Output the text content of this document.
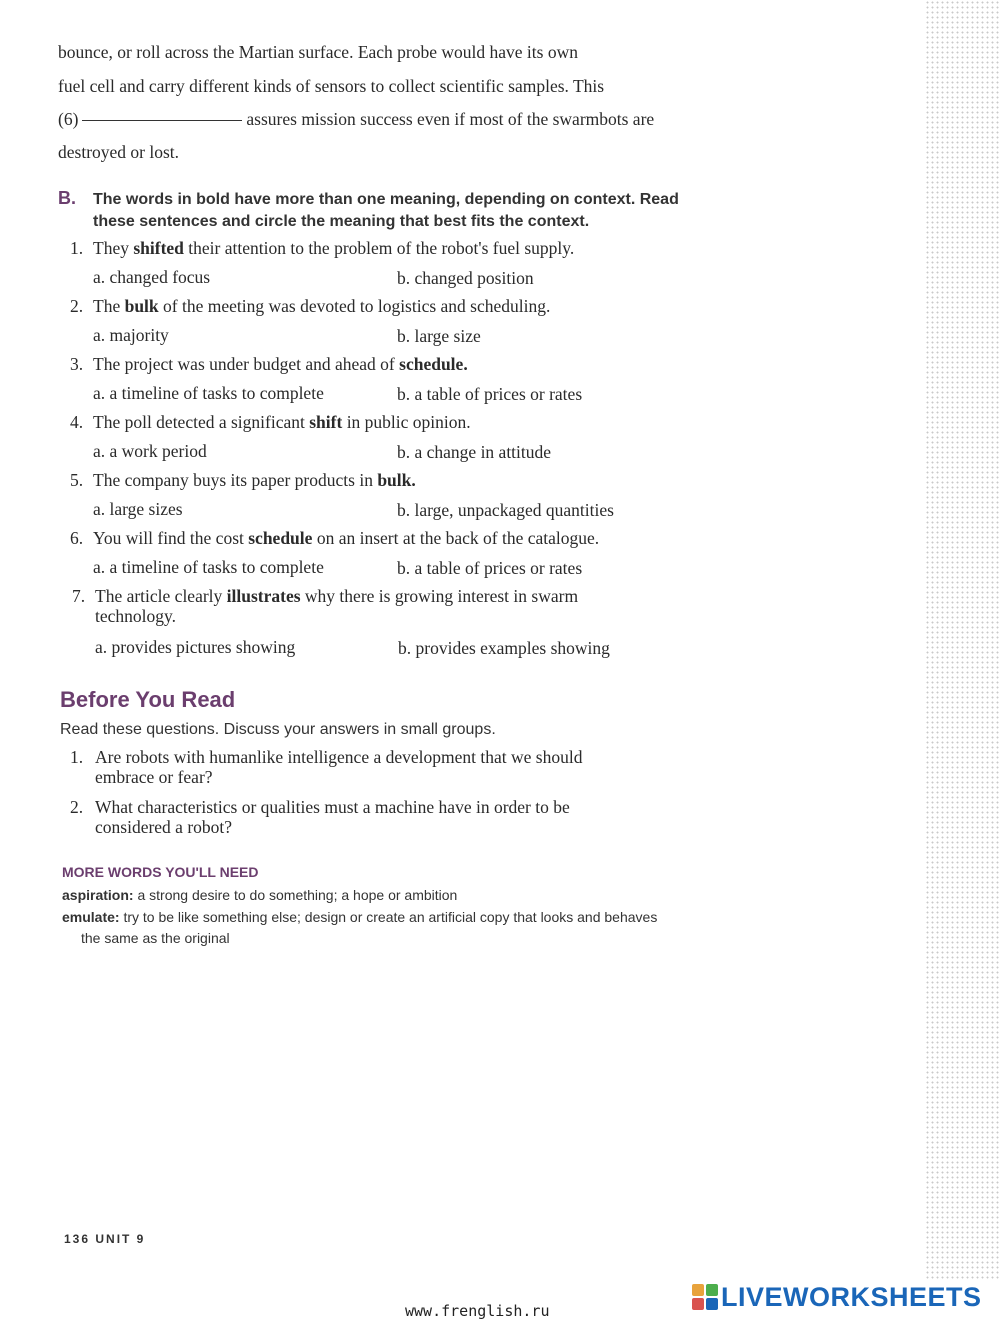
bounce, or roll across the Martian surface. Each probe would have its own
fuel cell and carry different kinds of sensors to collect scientific samples. This
(6)	assures mission success even if most of the swarmbots are
destroyed or lost.
B. The words in bold have more than one meaning, depending on context. Read
these sentences and circle the meaning that best fits the context.
1. They shifted their attention to the problem of the robot's fuel supply.
a. changed focus	b. changed position
2. The bulk of the meeting was devoted to logistics and scheduling.
a. majority	b. large size
3. The project was under budget and ahead of schedule.
a. a timeline of tasks to complete	b. a table of prices or rates
4. The poll detected a significant shift in public opinion.
a. a work period	b. a change in attitude
5. The company buys its paper products in bulk.
a. large sizes	b. large, unpackaged quantities
6. You will find the cost schedule on an insert at the back of the catalogue.
a. a timeline of tasks to complete	b. a table of prices or rates
7. The article clearly illustrates why there is growing interest in swarm
technology.
a. provides pictures showing	b. provides examples showing
Before You Read
Read these questions. Discuss your answers in small groups.
1. Are robots with humanlike intelligence a development that we should
embrace or fear?
2. What characteristics or qualities must a machine have in order to be
considered a robot?
MORE WORDS YOU'LL NEED
aspiration: a strong desire to do something; a hope or ambition
emulate: try to be like something else; design or create an artificial copy that looks and behaves
the same as the original
136 UNIT 9
www.frenglish.ru	LIVEWORKSHEETS
